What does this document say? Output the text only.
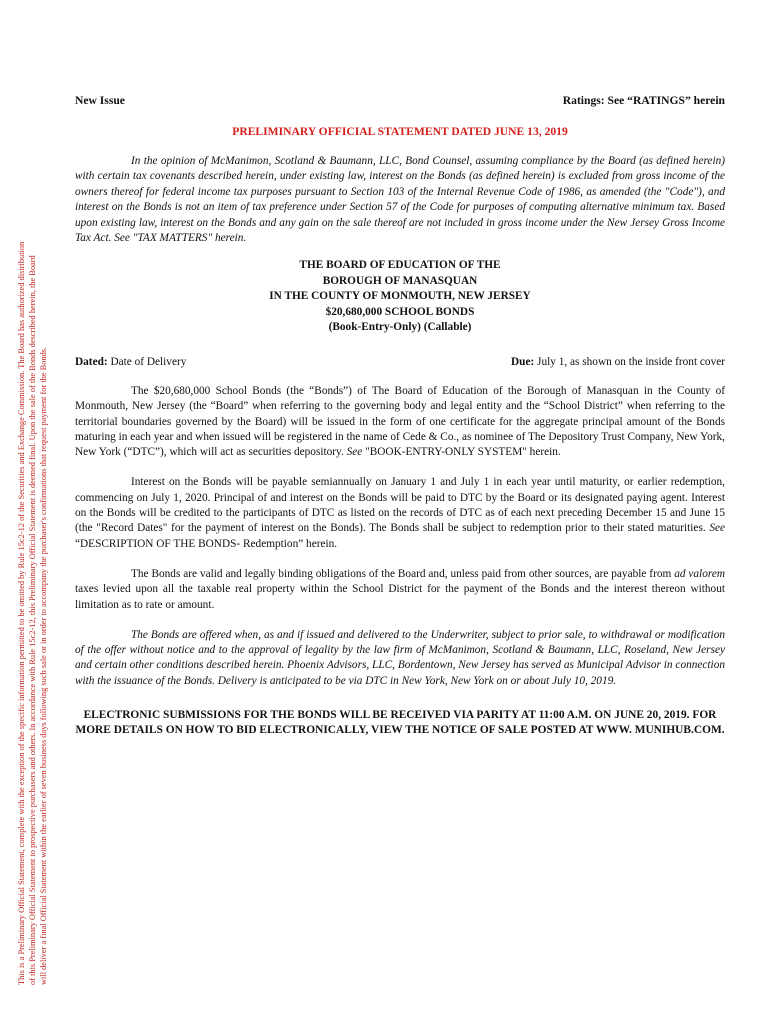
This is a Preliminary Official Statement, complete with the exception of the specific information permitted to be omitted by Rule 15c2-12 of the Securities and Exchange Commission. The Board has authorized distribution of this Preliminary Official Statement to prospective purchasers and others. In accordance with Rule 15c2-12, this Preliminary Official Statement is deemed final. Upon the sale of the Bonds described herein, the Board will deliver a final Official Statement within the earlier of seven business days following such sale or in order to accompany the purchaser's confirmations that request payment for the Bonds.
New Issue	Ratings: See “RATINGS” herein
PRELIMINARY OFFICIAL STATEMENT DATED JUNE 13, 2019
In the opinion of McManimon, Scotland & Baumann, LLC, Bond Counsel, assuming compliance by the Board (as defined herein) with certain tax covenants described herein, under existing law, interest on the Bonds (as defined herein) is excluded from gross income of the owners thereof for federal income tax purposes pursuant to Section 103 of the Internal Revenue Code of 1986, as amended (the "Code"), and interest on the Bonds is not an item of tax preference under Section 57 of the Code for purposes of computing alternative minimum tax. Based upon existing law, interest on the Bonds and any gain on the sale thereof are not included in gross income under the New Jersey Gross Income Tax Act. See "TAX MATTERS" herein.
THE BOARD OF EDUCATION OF THE
BOROUGH OF MANASQUAN
IN THE COUNTY OF MONMOUTH, NEW JERSEY
$20,680,000 SCHOOL BONDS
(Book-Entry-Only) (Callable)
Dated: Date of Delivery	Due: July 1, as shown on the inside front cover
The $20,680,000 School Bonds (the “Bonds”) of The Board of Education of the Borough of Manasquan in the County of Monmouth, New Jersey (the “Board” when referring to the governing body and legal entity and the “School District” when referring to the territorial boundaries governed by the Board) will be issued in the form of one certificate for the aggregate principal amount of the Bonds maturing in each year and when issued will be registered in the name of Cede & Co., as nominee of The Depository Trust Company, New York, New York (“DTC”), which will act as securities depository. See "BOOK-ENTRY-ONLY SYSTEM" herein.
Interest on the Bonds will be payable semiannually on January 1 and July 1 in each year until maturity, or earlier redemption, commencing on July 1, 2020. Principal of and interest on the Bonds will be paid to DTC by the Board or its designated paying agent. Interest on the Bonds will be credited to the participants of DTC as listed on the records of DTC as of each next preceding December 15 and June 15 (the "Record Dates" for the payment of interest on the Bonds). The Bonds shall be subject to redemption prior to their stated maturities. See “DESCRIPTION OF THE BONDS- Redemption” herein.
The Bonds are valid and legally binding obligations of the Board and, unless paid from other sources, are payable from ad valorem taxes levied upon all the taxable real property within the School District for the payment of the Bonds and the interest thereon without limitation as to rate or amount.
The Bonds are offered when, as and if issued and delivered to the Underwriter, subject to prior sale, to withdrawal or modification of the offer without notice and to the approval of legality by the law firm of McManimon, Scotland & Baumann, LLC, Roseland, New Jersey and certain other conditions described herein. Phoenix Advisors, LLC, Bordentown, New Jersey has served as Municipal Advisor in connection with the issuance of the Bonds. Delivery is anticipated to be via DTC in New York, New York on or about July 10, 2019.
ELECTRONIC SUBMISSIONS FOR THE BONDS WILL BE RECEIVED VIA PARITY AT 11:00 A.M. ON JUNE 20, 2019. FOR MORE DETAILS ON HOW TO BID ELECTRONICALLY, VIEW THE NOTICE OF SALE POSTED AT WWW. MUNIHUB.COM.
